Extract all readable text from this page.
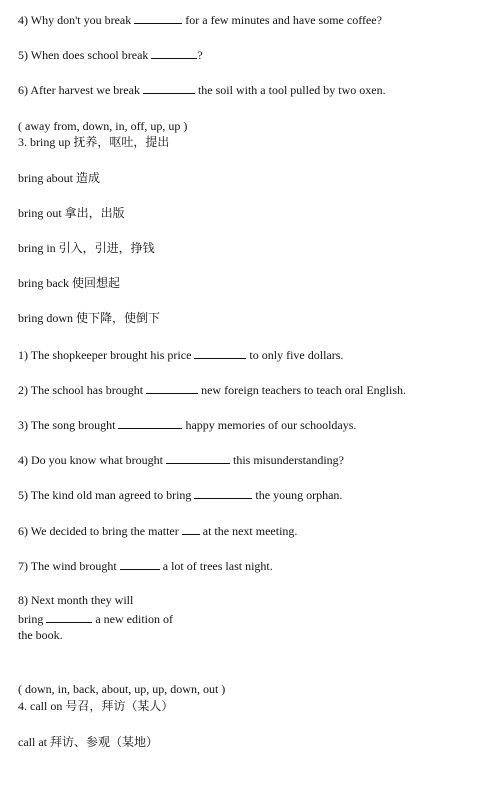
4) Why don't you break	for a few minutes and have some coffee?
5) When does school break	?
6) After harvest we break	the soil with a tool pulled by two oxen.
( away from, down, in, off, up, up )
3. bring up 抚养，呕吐，提出
bring about 造成
bring out 拿出，出版
bring in 引入，引进，挣钱
bring back 使回想起
bring down 使下降，使倒下
1) The shopkeeper brought his price	to only five dollars.
2) The school has brought	new foreign teachers to teach oral English.
3) The song brought	happy memories of our schooldays.
4) Do you know what brought	this misunderstanding?
5) The kind old man agreed to bring	the young orphan.
6) We decided to bring the matter at the next meeting.
7) The wind brought	a lot of trees last night.
8) Next month they will
bring	a new edition of
the book.
( down, in, back, about, up, up, down, out )
4. call on 号召，拜访（某人）
call at 拜访、参观（某地）
